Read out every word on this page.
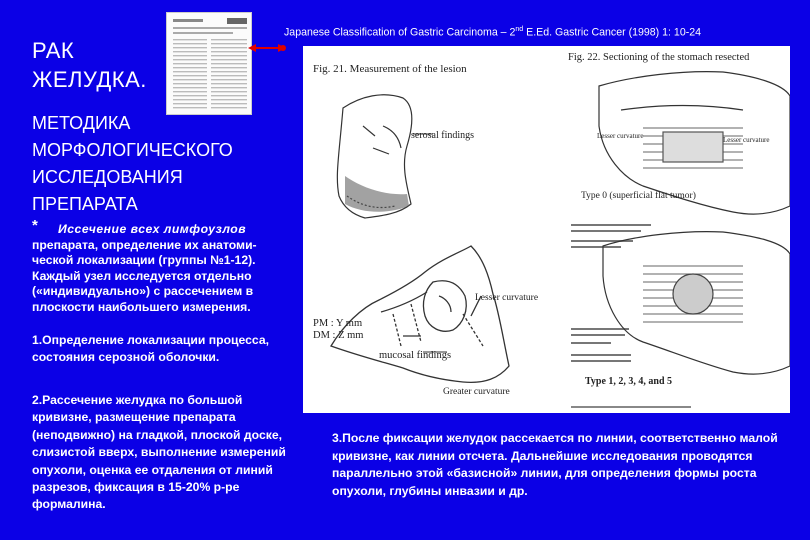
РАК
ЖЕЛУДКА.
МЕТОДИКА
МОРФОЛОГИЧЕСКОГО
ИССЛЕДОВАНИЯ
ПРЕПАРАТА
*	Иссечение всех лимфоузлов
препарата, определение их анатоми-ческой локализации (группы №1-12). Каждый узел исследуется отдельно («индивидуально») с рассечением в плоскости наибольшего измерения.
1.Определение локализации процесса, состояния серозной оболочки.
2.Рассечение желудка по большой кривизне, размещение препарата (неподвижно) на гладкой, плоской доске, слизистой вверх, выполнение измерений опухоли, оценка ее отдаления от линий разрезов, фиксация в 15-20% р-ре формалина.
3.После фиксации желудок рассекается по линии, соответственно малой кривизне, как линии отсчета. Дальнейшие исследования проводятся параллельно этой «базисной» линии, для определения формы роста опухоли, глубины инвазии и др.
Japanese Classification of Gastric Carcinoma – 2nd E.Ed. Gastric Cancer (1998) 1: 10-24
Fig. 21. Measurement of the lesion
Fig. 22. Sectioning of the stomach resected
serosal findings
Lesser curvature
PM : Y mm
DM : Z mm
mucosal findings
Greater curvature
Lesser curvature	Lesser curvature
Type 0 (superficial flat tumor)
Type 1, 2, 3, 4, and 5
